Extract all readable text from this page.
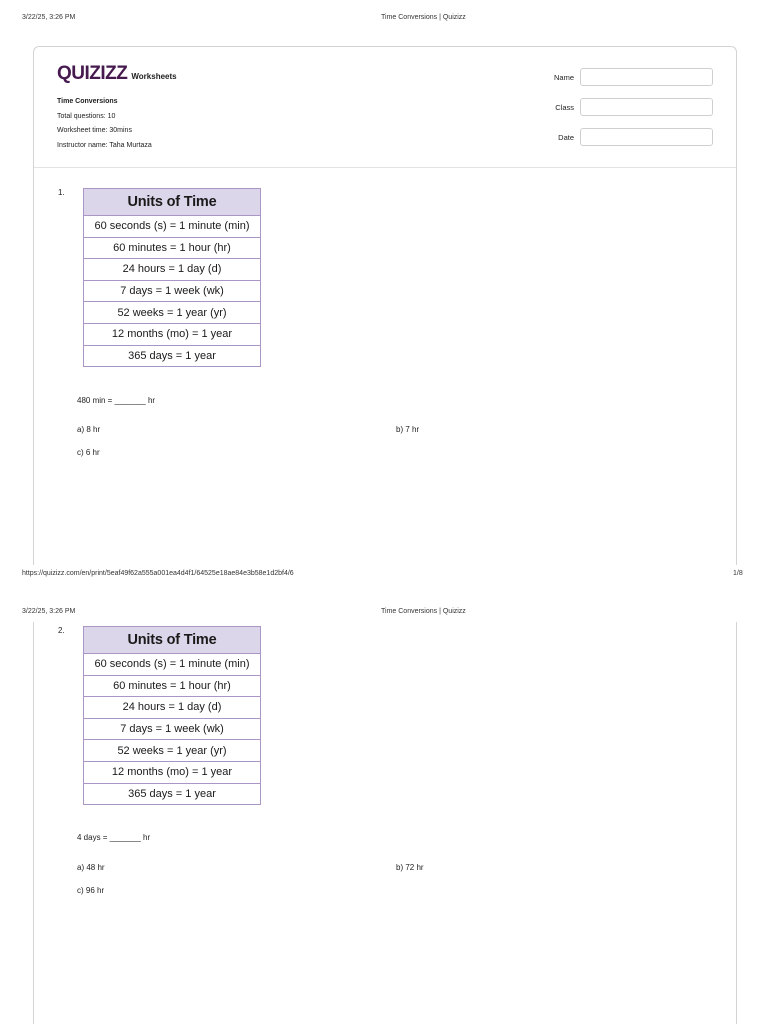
3/22/25, 3:26 PM	Time Conversions | Quizizz
QUIZIZZ Worksheets
Time Conversions
Total questions: 10
Worksheet time: 30mins
Instructor name: Taha Murtaza
Name
Class
Date
1.
Units of Time
60 seconds (s) = 1 minute (min)
60 minutes = 1 hour (hr)
24 hours = 1 day (d)
7 days = 1 week (wk)
52 weeks = 1 year (yr)
12 months (mo) = 1 year
365 days = 1 year
480 min = _______ hr
a) 8 hr	b) 7 hr
c) 6 hr
https://quizizz.com/en/print/5eaf49f62a555a001ea4d4f1/64525e18ae84e3b58e1d2bf4/6	1/8
3/22/25, 3:26 PM	Time Conversions | Quizizz
2.
Units of Time
60 seconds (s) = 1 minute (min)
60 minutes = 1 hour (hr)
24 hours = 1 day (d)
7 days = 1 week (wk)
52 weeks = 1 year (yr)
12 months (mo) = 1 year
365 days = 1 year
4 days = _______ hr
a) 48 hr	b) 72 hr
c) 96 hr
